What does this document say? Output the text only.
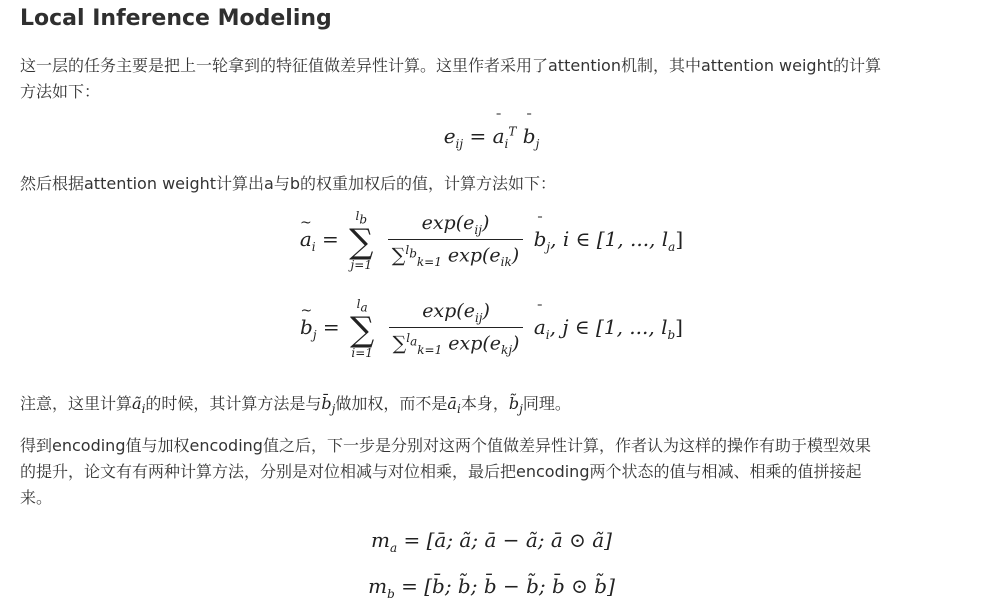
Local Inference Modeling
这一层的任务主要是把上一轮拿到的特征值做差异性计算。这里作者采用了attention机制，其中attention weight的计算
方法如下：
$e_{ij}$ =
¯
$a_i^T$
¯
$b_j$
然后根据attention weight计算出a与b的权重加权后的值，计算方法如下：
~
$a_i$ =
$l_b$
∑
j=1
$\frac{\exp(e_{ij})}{\sum^{l_b}_{k=1} \exp(e_{ik})}$
¯
$b_j$, i ∈ [1, ..., $l_a$]
~
$b_j$ =
$l_a$
∑
i=1
$\frac{\exp(e_{ij})}{\sum^{l_a}_{k=1} \exp(e_{kj})}$
¯
$a_i$, j ∈ [1, ..., $l_b$]
注意，这里计算$ã_i$的时候，其计算方法是与$b̄_j$做加权，而不是$ā_i$本身，$b̃_j$同理。
得到encoding值与加权encoding值之后，下一步是分别对这两个值做差异性计算，作者认为这样的操作有助于模型效果
的提升，论文有有两种计算方法，分别是对位相减与对位相乘，最后把encoding两个状态的值与相减、相乘的值拼接起
来。
$m_a$ = [ā; ã; ā − ã; ā ⊙ ã]
$m_b$ = [b̄; b̃; b̄ − b̃; b̄ ⊙ b̃]
